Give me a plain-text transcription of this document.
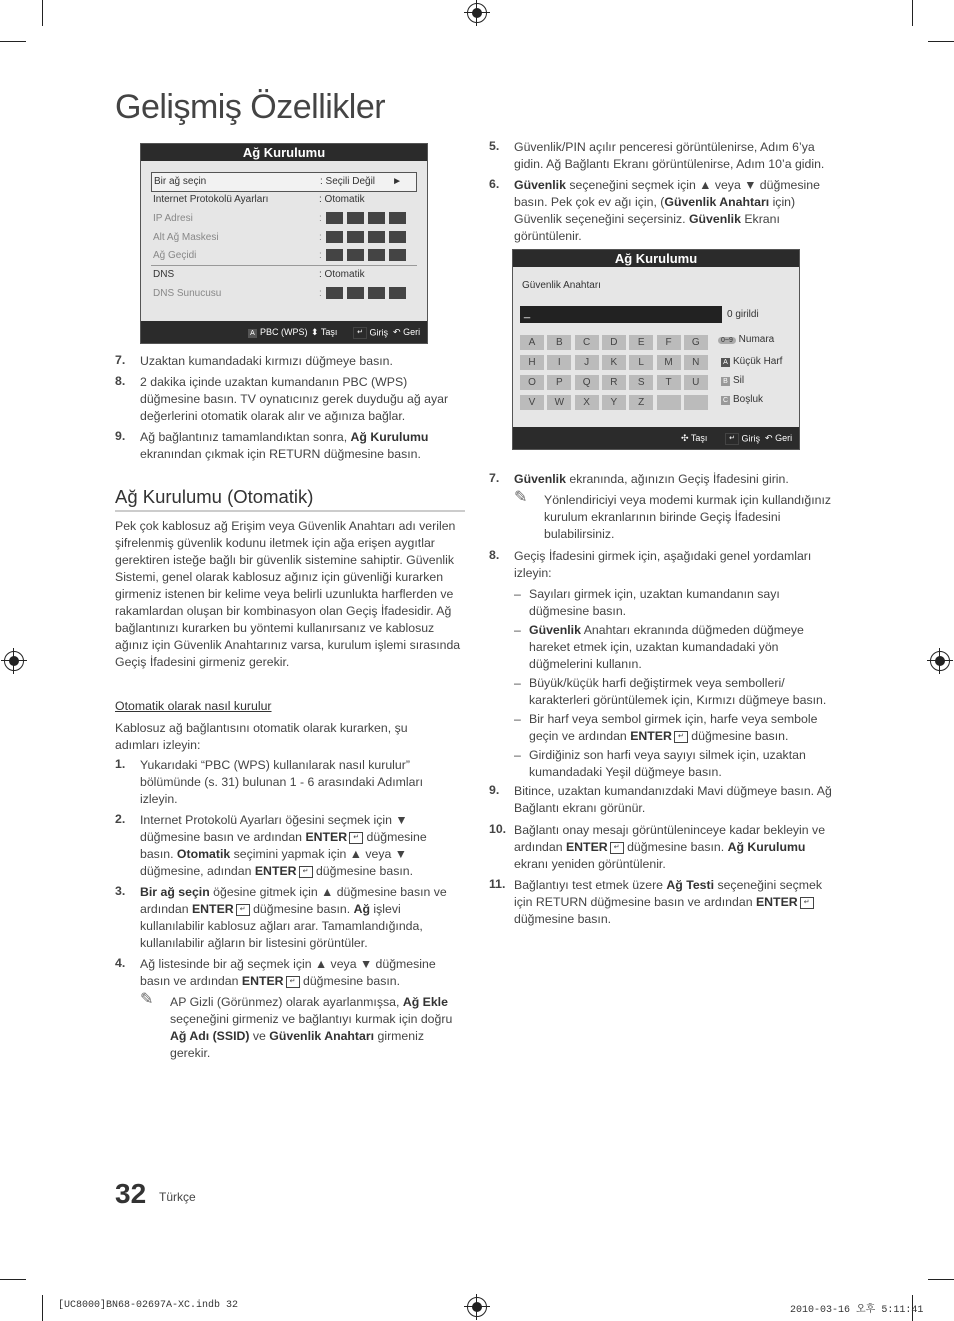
Gelişmiş Özellikler
Ağ Kurulumu
Bir ağ seçin	: Seçili Değil ►
Internet Protokolü Ayarları	: Otomatik
IP Adresi	:
Alt Ağ Maskesi	:
Ağ Geçidi	:
DNS	: Otomatik
DNS Sunucusu	:
A PBC (WPS) ⬍ Taşı	↵ Giriş ↶ Geri
7. Uzaktan kumandadaki kırmızı düğmeye basın.
8. 2 dakika içinde uzaktan kumandanın PBC (WPS) düğmesine basın. TV oynatıcınız gerek duyduğu ağ ayar değerlerini otomatik olarak alır ve ağınıza bağlar.
9. Ağ bağlantınız tamamlandıktan sonra, Ağ Kurulumu ekranından çıkmak için RETURN düğmesine basın.
Ağ Kurulumu (Otomatik)
Pek çok kablosuz ağ Erişim veya Güvenlik Anahtarı adı verilen şifrelenmiş güvenlik kodunu iletmek için ağa erişen aygıtlar gerektiren isteğe bağlı bir güvenlik sistemine sahiptir. Güvenlik Sistemi, genel olarak kablosuz ağınız için güvenliği kurarken girmeniz istenen bir kelime veya belirli uzunlukta harflerden ve rakamlardan oluşan bir kombinasyon olan Geçiş İfadesidir. Ağ bağlantınızı kurarken bu yöntemi kullanırsanız ve kablosuz ağınız için Güvenlik Anahtarınız varsa, kurulum işlemi sırasında Geçiş İfadesini girmeniz gerekir.
Otomatik olarak nasıl kurulur
Kablosuz ağ bağlantısını otomatik olarak kurarken, şu adımları izleyin:
1. Yukarıdaki “PBC (WPS) kullanılarak nasıl kurulur” bölümünde (s. 31) bulunan 1 - 6 arasındaki Adımları izleyin.
2. Internet Protokolü Ayarları öğesini seçmek için ▼ düğmesine basın ve ardından ENTER ↵ düğmesine basın. Otomatik seçimini yapmak için ▲ veya ▼ düğmesine, adından ENTER ↵ düğmesine basın.
3. Bir ağ seçin öğesine gitmek için ▲ düğmesine basın ve ardından ENTER ↵ düğmesine basın. Ağ işlevi kullanılabilir kablosuz ağları arar. Tamamlandığında, kullanılabilir ağların bir listesini görüntüler.
4. Ağ listesinde bir ağ seçmek için ▲ veya ▼ düğmesine basın ve ardından ENTER ↵ düğmesine basın.
✎ AP Gizli (Görünmez) olarak ayarlanmışsa, Ağ Ekle seçeneğini girmeniz ve bağlantıyı kurmak için doğru Ağ Adı (SSID) ve Güvenlik Anahtarı girmeniz gerekir.
5. Güvenlik/PIN açılır penceresi görüntülenirse, Adım 6’ya gidin. Ağ Bağlantı Ekranı görüntülenirse, Adım 10’a gidin.
6. Güvenlik seçeneğini seçmek için ▲ veya ▼ düğmesine basın. Pek çok ev ağı için, (Güvenlik Anahtarı için) Güvenlik seçeneğini seçersiniz. Güvenlik Ekranı görüntülenir.
Ağ Kurulumu
Güvenlik Anahtarı
_	0 girildi
A	B	C	D	E	F	G
H	I	J	K	L	M	N
O	P	Q	R	S	T	U
V	W	X	Y	Z
0~9 Numara
A Küçük Harf
B Sil
C Boşluk
✣ Taşı	↵ Giriş ↶ Geri
7. Güvenlik ekranında, ağınızın Geçiş İfadesini girin.
✎ Yönlendiriciyi veya modemi kurmak için kullandığınız kurulum ekranlarının birinde Geçiş İfadesini bulabilirsiniz.
8. Geçiş İfadesini girmek için, aşağıdaki genel yordamları izleyin:
– Sayıları girmek için, uzaktan kumandanın sayı düğmesine basın.
– Güvenlik Anahtarı ekranında düğmeden düğmeye hareket etmek için, uzaktan kumandadaki yön düğmelerini kullanın.
– Büyük/küçük harfi değiştirmek veya sembolleri/ karakterleri görüntülemek için, Kırmızı düğmeye basın.
– Bir harf veya sembol girmek için, harfe veya sembole geçin ve ardından ENTER ↵ düğmesine basın.
– Girdiğiniz son harfi veya sayıyı silmek için, uzaktan kumandadaki Yeşil düğmeye basın.
9. Bitince, uzaktan kumandanızdaki Mavi düğmeye basın. Ağ Bağlantı ekranı görünür.
10. Bağlantı onay mesajı görüntüleninceye kadar bekleyin ve ardından ENTER ↵ düğmesine basın. Ağ Kurulumu ekranı yeniden görüntülenir.
11. Bağlantıyı test etmek üzere Ağ Testi seçeneğini seçmek için RETURN düğmesine basın ve ardından ENTER ↵ düğmesine basın.
32 Türkçe
[UC8000]BN68-02697A-XC.indb 32	2010-03-16 오후 5:11:41
